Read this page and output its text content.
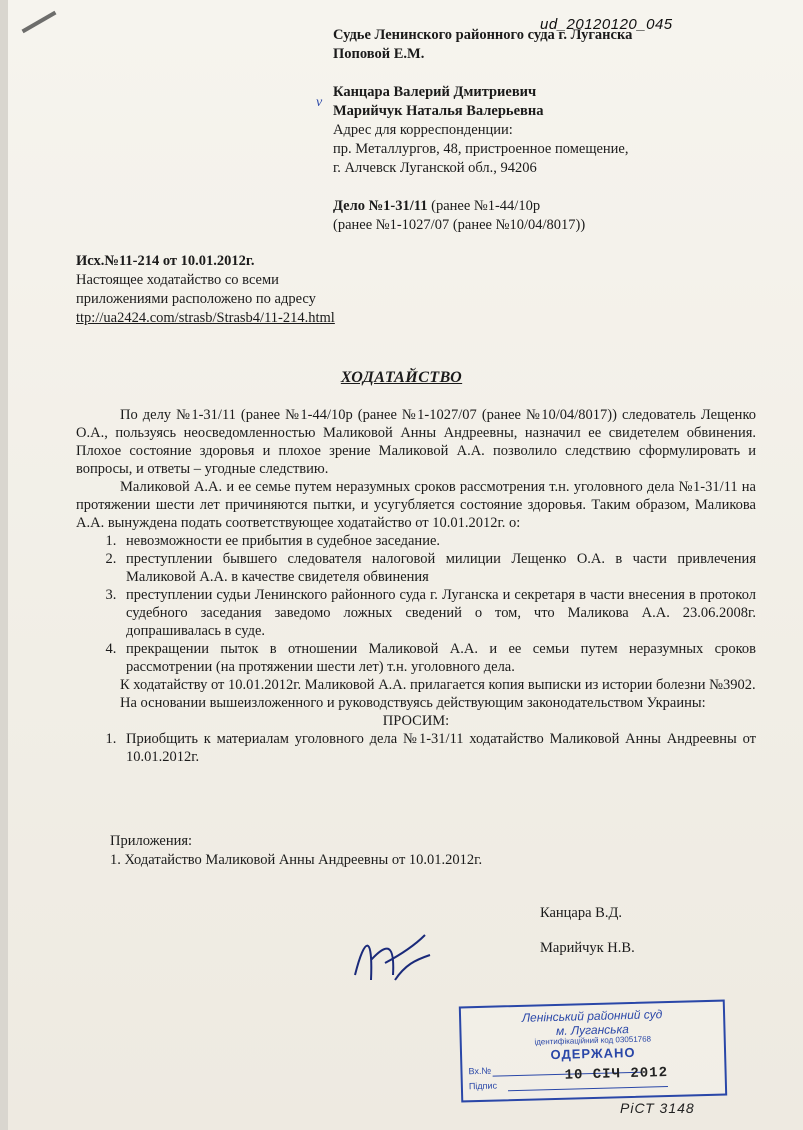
ud_20120120_045
Судье Ленинского районного суда г. Луганска
Поповой Е.М.
Канцара Валерий Дмитриевич
Марийчук Наталья Валерьевна
Адрес для корреспонденции:
пр. Металлургов, 48, пристроенное помещение,
г. Алчевск Луганской обл., 94206
Дело №1-31/11 (ранее №1-44/10р
(ранее №1-1027/07 (ранее №10/04/8017))
v
Исх.№11-214 от 10.01.2012г.
Настоящее ходатайство со всеми
приложениями расположено по адресу
ttp://ua2424.com/strasb/Strasb4/11-214.html
ХОДАТАЙСТВО

По делу №1-31/11 (ранее №1-44/10р (ранее №1-1027/07 (ранее №10/04/8017)) следователь Лещенко О.А., пользуясь неосведомленностью Маликовой Анны Андреевны, назначил ее свидетелем обвинения. Плохое состояние здоровья и плохое зрение Маликовой А.А. позволило следствию сформулировать и вопросы, и ответы – угодные следствию.

Маликовой А.А. и ее семье путем неразумных сроков рассмотрения т.н. уголовного дела №1-31/11 на протяжении шести лет причиняются пытки, и усугубляется состояние здоровья. Таким образом, Маликова А.А. вынуждена подать соответствующее ходатайство от 10.01.2012г. о:

1. невозможности ее прибытия в судебное заседание.
2. преступлении бывшего следователя налоговой милиции Лещенко О.А. в части привлечения Маликовой А.А. в качестве свидетеля обвинения
3. преступлении судьи Ленинского районного суда г. Луганска и секретаря в части внесения в протокол судебного заседания заведомо ложных сведений о том, что Маликова А.А. 23.06.2008г. допрашивалась в суде.
4. прекращении пыток в отношении Маликовой А.А. и ее семьи путем неразумных сроков рассмотрении (на протяжении шести лет) т.н. уголовного дела.

К ходатайству от 10.01.2012г. Маликовой А.А. прилагается копия выписки из истории болезни №3902.

На основании вышеизложенного и руководствуясь действующим законодательством Украины:

ПРОСИМ:

1. Приобщить к материалам уголовного дела №1-31/11 ходатайство Маликовой Анны Андреевны от 10.01.2012г.
Приложения:
1. Ходатайство Маликовой Анны Андреевны от 10.01.2012г.
Канцара В.Д.
Марийчук Н.В.
Ленінський районний суд
м. Луганська
ідентифікаційний код 03051768
ОДЕРЖАНО
Вх.№
Підпис
10 СІЧ 2012
РіСТ 3148
